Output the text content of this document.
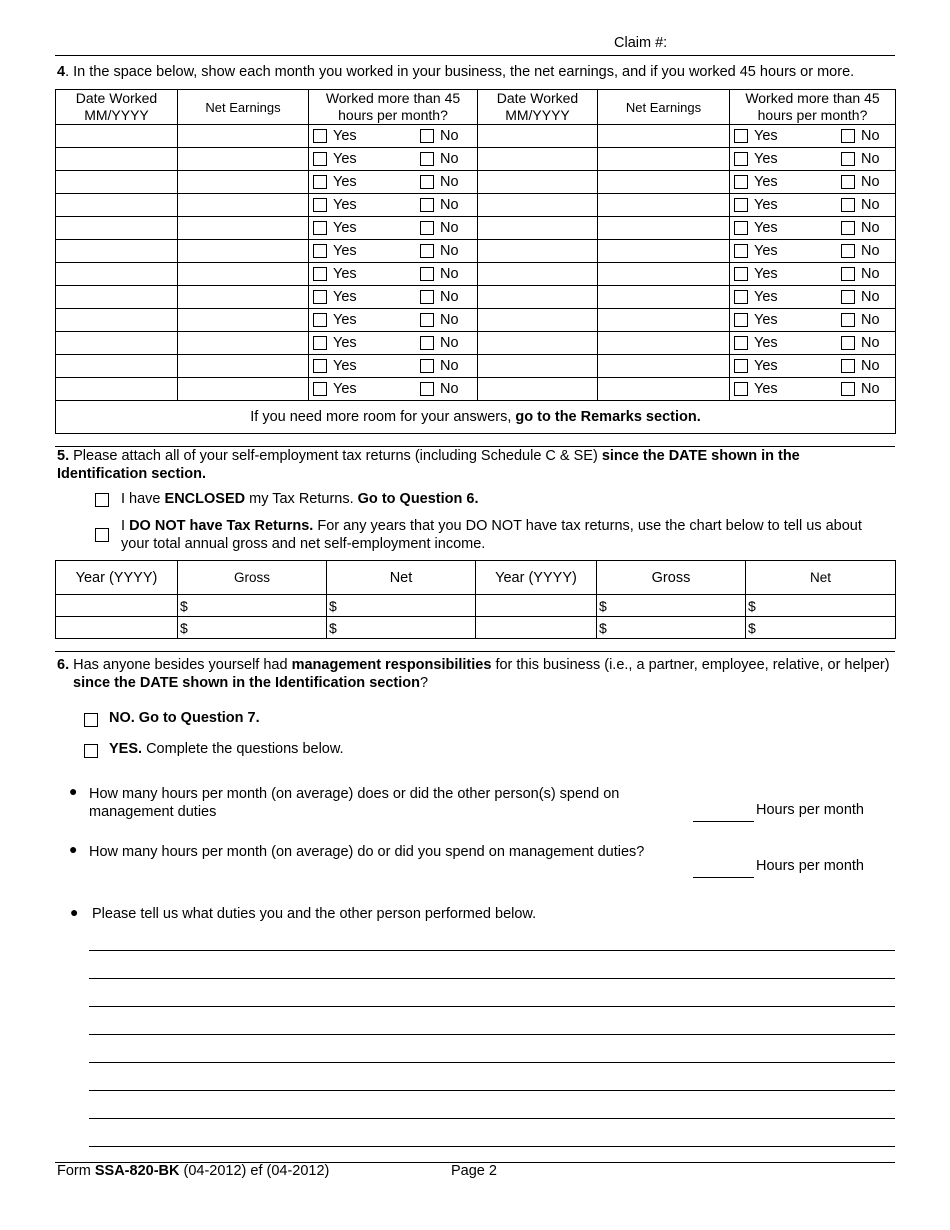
Claim #:
4. In the space below, show each month you worked in your business, the net earnings, and if you worked 45 hours or more.
Date Worked MM/YYYY	Net Earnings	Worked more than 45 hours per month?	Date Worked MM/YYYY	Net Earnings	Worked more than 45 hours per month?

		Yes No			Yes No

		Yes No			Yes No

		Yes No			Yes No

		Yes No			Yes No

		Yes No			Yes No

		Yes No			Yes No

		Yes No			Yes No

		Yes No			Yes No

		Yes No			Yes No

		Yes No			Yes No

		Yes No			Yes No

		Yes No			Yes No

If you need more room for your answers, go to the Remarks section.					
5. Please attach all of your self-employment tax returns (including Schedule C & SE) since the DATE shown in the Identification section.
I have ENCLOSED my Tax Returns. Go to Question 6.
I DO NOT have Tax Returns. For any years that you DO NOT have tax returns, use the chart below to tell us about your total annual gross and net self-employment income.
Year (YYYY)	Gross	Net	Year (YYYY)	Gross	Net
	$	$		$	$
	$	$		$	$
6. Has anyone besides yourself had management responsibilities for this business (i.e., a partner, employee, relative, or helper) since the DATE shown in the Identification section?
NO. Go to Question 7.
YES. Complete the questions below.
● How many hours per month (on average) does or did the other person(s) spend on management duties	Hours per month
● How many hours per month (on average) do or did you spend on management duties?
Hours per month
● Please tell us what duties you and the other person performed below.
Form SSA-820-BK (04-2012) ef (04-2012)	Page 2
